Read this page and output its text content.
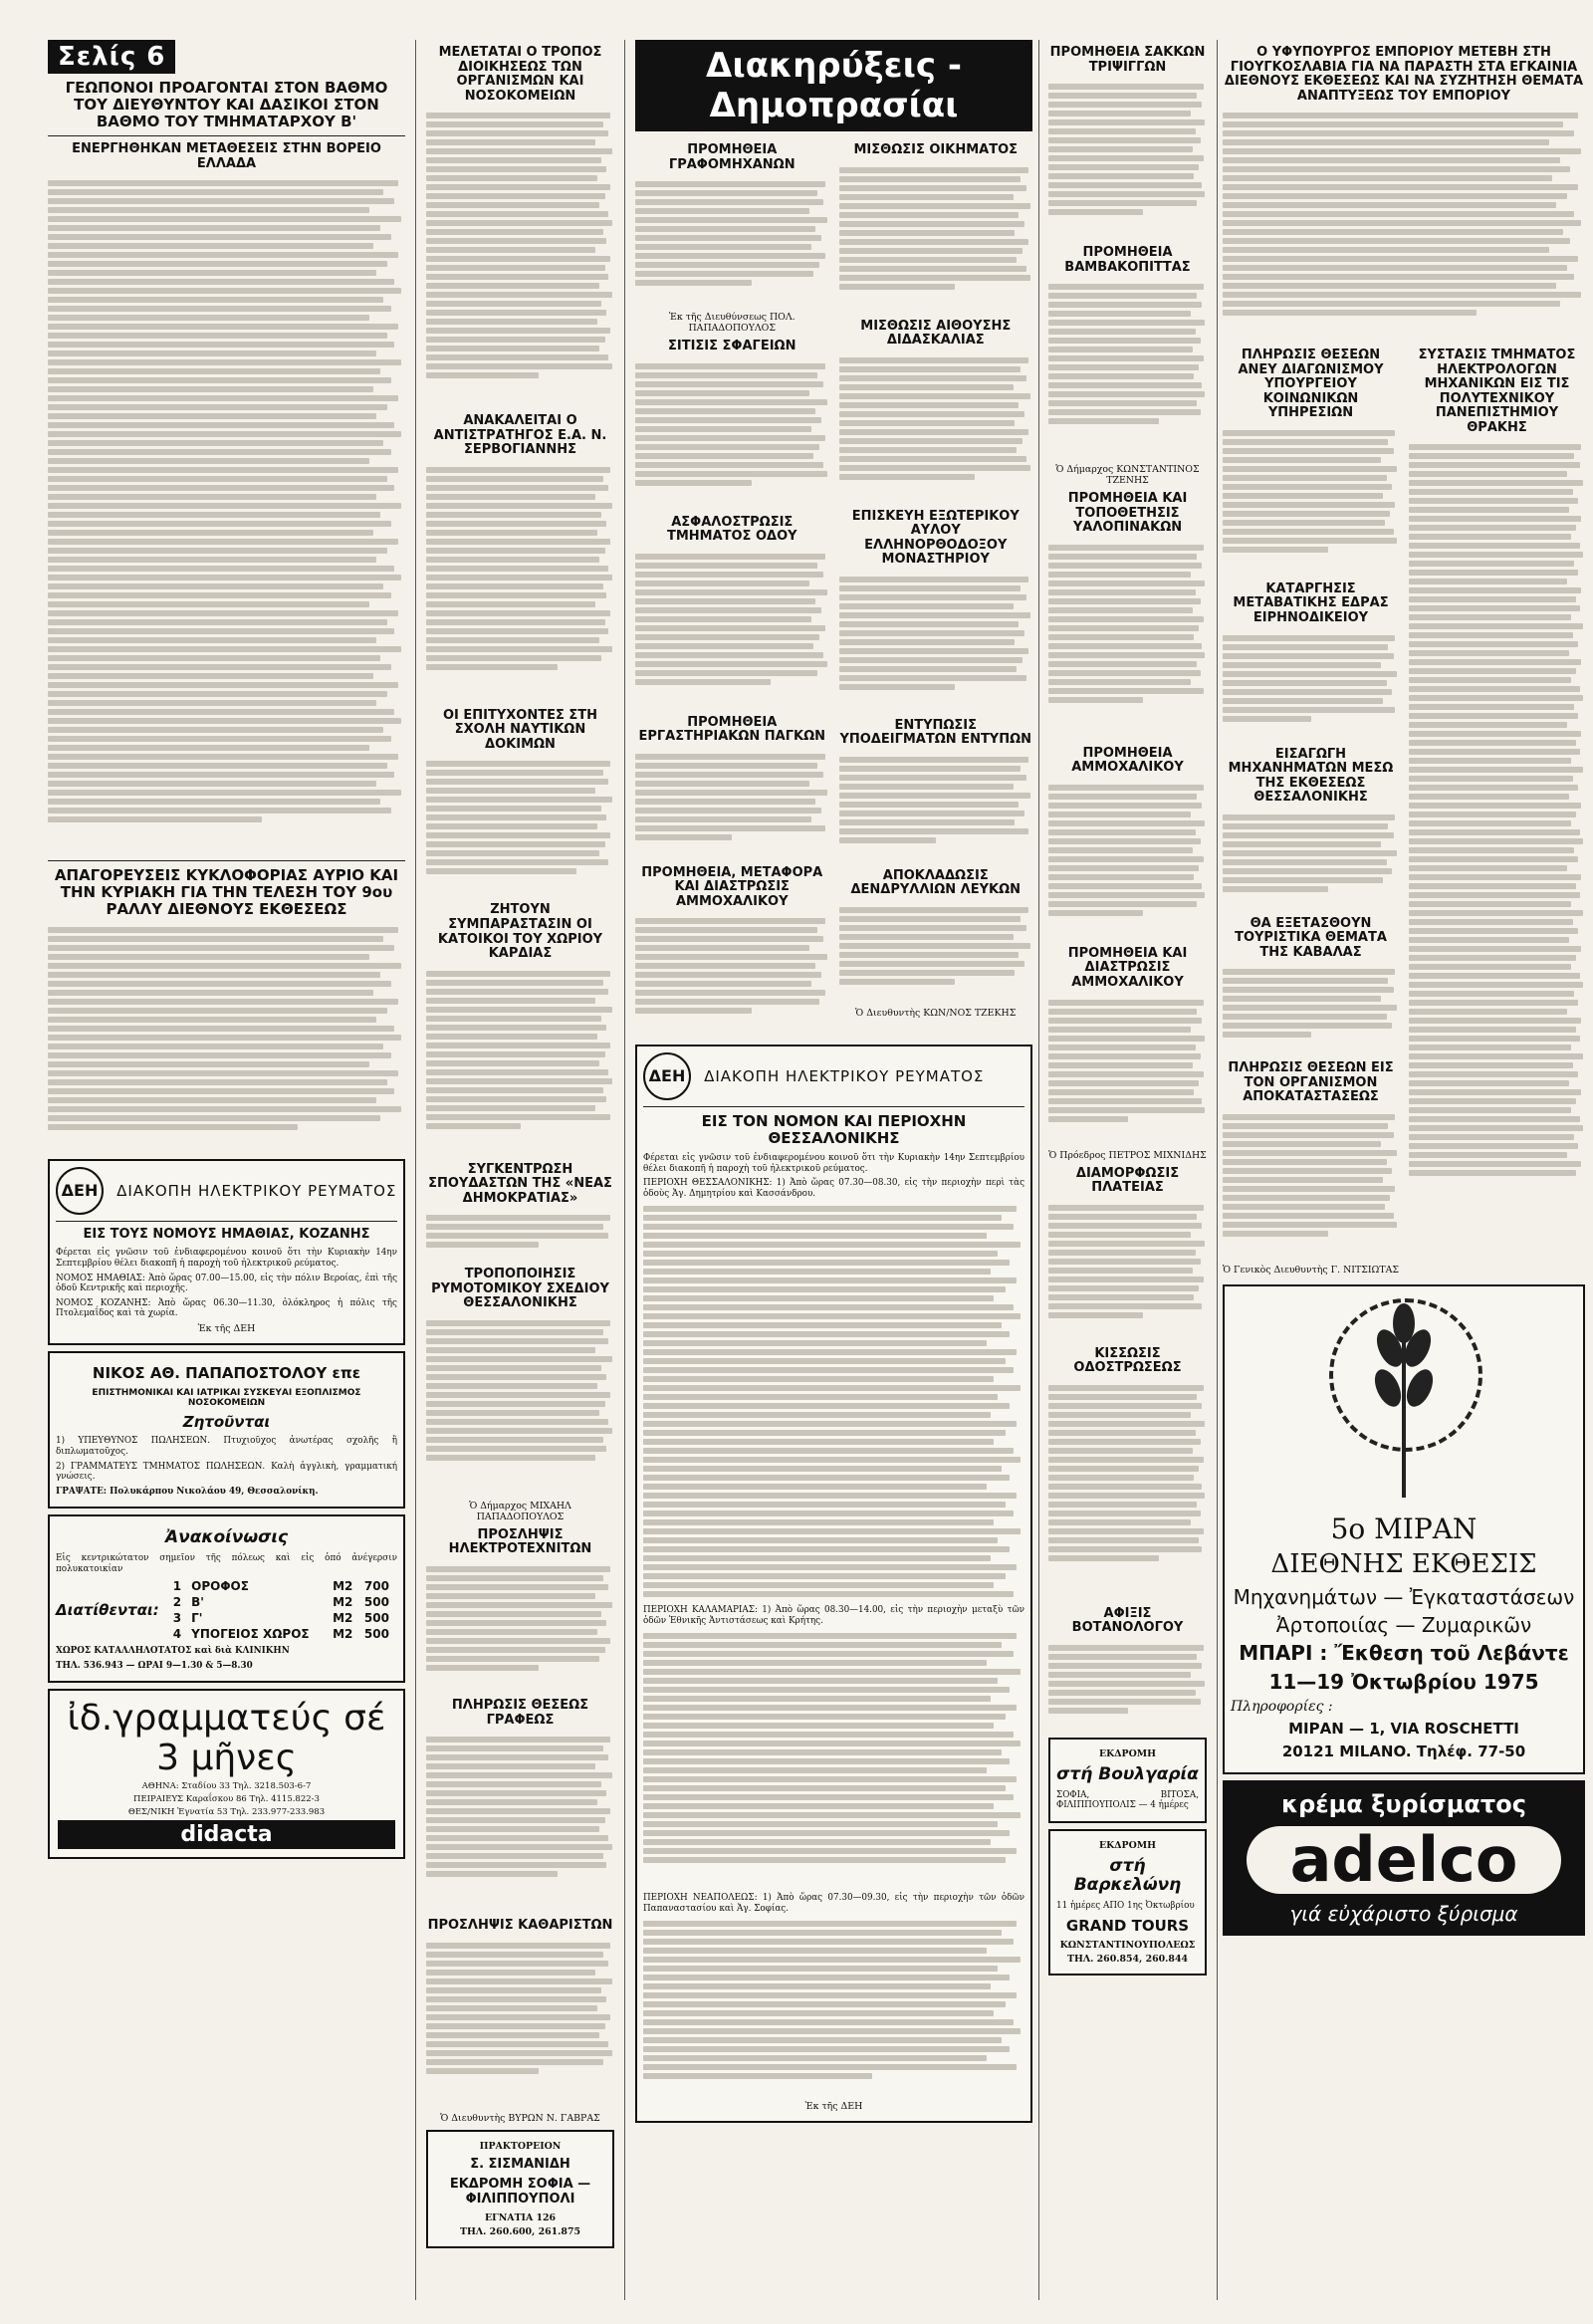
Σελίς 6
ΓΕΩΠΟΝΟΙ ΠΡΟΑΓΟΝΤΑΙ ΣΤΟΝ ΒΑΘΜΟ ΤΟΥ ΔΙΕΥΘΥΝΤΟΥ ΚΑΙ ΔΑΣΙΚΟΙ ΣΤΟΝ ΒΑΘΜΟ ΤΟΥ ΤΜΗΜΑΤΑΡΧΟΥ Β'
ΕΝΕΡΓΗΘΗΚΑΝ ΜΕΤΑΘΕΣΕΙΣ ΣΤΗΝ ΒΟΡΕΙΟ ΕΛΛΑΔΑ
ΑΠΑΓΟΡΕΥΣΕΙΣ ΚΥΚΛΟΦΟΡΙΑΣ ΑΥΡΙΟ ΚΑΙ ΤΗΝ ΚΥΡΙΑΚΗ ΓΙΑ ΤΗΝ ΤΕΛΕΣΗ ΤΟΥ 9ου ΡΑΛΛΥ ΔΙΕΘΝΟΥΣ ΕΚΘΕΣΕΩΣ
ΔΕΗ ΔΙΑΚΟΠΗ ΗΛΕΚΤΡΙΚΟΥ ΡΕΥΜΑΤΟΣ
ΕΙΣ ΤΟΥΣ ΝΟΜΟΥΣ ΗΜΑΘΙΑΣ, ΚΟΖΑΝΗΣ
Φέρεται εἰς γνῶσιν τοῦ ἐνδιαφερομένου κοινοῦ ὅτι τὴν Κυριακὴν 14ην Σεπτεμβρίου θέλει διακοπῆ ἡ παροχὴ τοῦ ἠλεκτρικοῦ ρεύματος.
ΝΟΜΟΣ ΗΜΑΘΙΑΣ: Ἀπὸ ὥρας 07.00—15.00, εἰς τὴν πόλιν Βεροίας, ἐπὶ τῆς ὁδοῦ Κεντρικῆς καὶ περιοχῆς.
ΝΟΜΟΣ ΚΟΖΑΝΗΣ: Ἀπὸ ὥρας 06.30—11.30, ὁλόκληρος ἡ πόλις τῆς Πτολεμαΐδος καὶ τὰ χωρία.
Ἐκ τῆς ΔΕΗ
ΝΙΚΟΣ ΑΘ. ΠΑΠΑΠΟΣΤΟΛΟΥ επε
ΕΠΙΣΤΗΜΟΝΙΚΑΙ ΚΑΙ ΙΑΤΡΙΚΑΙ ΣΥΣΚΕΥΑΙ ΕΞΟΠΛΙΣΜΟΣ ΝΟΣΟΚΟΜΕΙΩΝ
Ζητοῦνται
1) ΥΠΕΥΘΥΝΟΣ ΠΩΛΗΣΕΩΝ. Πτυχιοῦχος ἀνωτέρας σχολῆς ἢ διπλωματοῦχος.
2) ΓΡΑΜΜΑΤΕΥΣ ΤΜΗΜΑΤΟΣ ΠΩΛΗΣΕΩΝ. Καλὴ ἀγγλικὴ, γραμματική γνώσεις.
ΓΡΑΨΑΤΕ: Πολυκάρπου Νικολάου 49, Θεσσαλονίκη.
Ἀνακοίνωσις
Εἰς κεντρικώτατον σημεῖον τῆς πόλεως καὶ εἰς ὁπό ἀνέγερσιν πολυκατοικίαν
Διατίθενται:
1	ΟΡΟΦΟΣ	Μ2	700
2	Β'	Μ2	500
3	Γ'	Μ2	500
4	ΥΠΟΓΕΙΟΣ ΧΩΡΟΣ	Μ2	500
ΧΩΡΟΣ ΚΑΤΑΛΛΗΛΟΤΑΤΟΣ καὶ διὰ ΚΛΙΝΙΚΗΝ
ΤΗΛ. 536.943 — ΩΡΑΙ 9—1.30 & 5—8.30
ἰδ.γραμματεύς σέ 3 μῆνες
ΑΘΗΝΑ: Σταδίου 33 Τηλ. 3218.503-6-7
ΠΕΙΡΑΙΕΥΣ Καραΐσκου 86 Τηλ. 4115.822-3
ΘΕΣ/ΝΙΚΗ Ἐγνατία 53 Τηλ. 233.977-233.983
didacta
ΜΕΛΕΤΑΤΑΙ Ο ΤΡΟΠΟΣ ΔΙΟΙΚΗΣΕΩΣ ΤΩΝ ΟΡΓΑΝΙΣΜΩΝ ΚΑΙ ΝΟΣΟΚΟΜΕΙΩΝ
ΑΝΑΚΑΛΕΙΤΑΙ Ο ΑΝΤΙΣΤΡΑΤΗΓΟΣ Ε.Α. Ν. ΣΕΡΒΟΓΙΑΝΝΗΣ
ΟΙ ΕΠΙΤΥΧΟΝΤΕΣ ΣΤΗ ΣΧΟΛΗ ΝΑΥΤΙΚΩΝ ΔΟΚΙΜΩΝ
ΖΗΤΟΥΝ ΣΥΜΠΑΡΑΣΤΑΣΙΝ ΟΙ ΚΑΤΟΙΚΟΙ ΤΟΥ ΧΩΡΙΟΥ ΚΑΡΔΙΑΣ
ΣΥΓΚΕΝΤΡΩΣΗ ΣΠΟΥΔΑΣΤΩΝ ΤΗΣ «ΝΕΑΣ ΔΗΜΟΚΡΑΤΙΑΣ»
ΤΡΟΠΟΠΟΙΗΣΙΣ ΡΥΜΟΤΟΜΙΚΟΥ ΣΧΕΔΙΟΥ ΘΕΣΣΑΛΟΝΙΚΗΣ
Ὁ Δήμαρχος ΜΙΧΑΗΛ ΠΑΠΑΔΟΠΟΥΛΟΣ
ΠΡΟΣΛΗΨΙΣ ΗΛΕΚΤΡΟΤΕΧΝΙΤΩΝ
ΠΛΗΡΩΣΙΣ ΘΕΣΕΩΣ ΓΡΑΦΕΩΣ
ΠΡΟΣΛΗΨΙΣ ΚΑΘΑΡΙΣΤΩΝ
Ὁ Διευθυντὴς ΒΥΡΩΝ Ν. ΓΑΒΡΑΣ
ΠΡΑΚΤΟΡΕΙΟΝ
Σ. ΣΙΣΜΑΝΙΔΗ
ΕΚΔΡΟΜΗ ΣΟΦΙΑ — ΦΙΛΙΠΠΟΥΠΟΛΙ
ΕΓΝΑΤΙΑ 126
ΤΗΛ. 260.600, 261.875
Διακηρύξεις - Δημοπρασίαι
ΠΡΟΜΗΘΕΙΑ ΓΡΑΦΟΜΗΧΑΝΩΝ
Ἐκ τῆς Διευθύνσεως ΠΟΛ. ΠΑΠΑΔΟΠΟΥΛΟΣ
ΣΙΤΙΣΙΣ ΣΦΑΓΕΙΩΝ
ΑΣΦΑΛΟΣΤΡΩΣΙΣ ΤΜΗΜΑΤΟΣ ΟΔΟΥ
ΠΡΟΜΗΘΕΙΑ ΕΡΓΑΣΤΗΡΙΑΚΩΝ ΠΑΓΚΩΝ
ΠΡΟΜΗΘΕΙΑ, ΜΕΤΑΦΟΡΑ ΚΑΙ ΔΙΑΣΤΡΩΣΙΣ ΑΜΜΟΧΑΛΙΚΟΥ
ΜΙΣΘΩΣΙΣ ΟΙΚΗΜΑΤΟΣ
ΜΙΣΘΩΣΙΣ ΑΙΘΟΥΣΗΣ ΔΙΔΑΣΚΑΛΙΑΣ
ΕΠΙΣΚΕΥΗ ΕΞΩΤΕΡΙΚΟΥ ΑΥΛΟΥ ΕΛΛΗΝΟΡΘΟΔΟΞΟΥ ΜΟΝΑΣΤΗΡΙΟΥ
ΕΝΤΥΠΩΣΙΣ ΥΠΟΔΕΙΓΜΑΤΩΝ ΕΝΤΥΠΩΝ
ΑΠΟΚΛΑΔΩΣΙΣ ΔΕΝΔΡΥΛΛΙΩΝ ΛΕΥΚΩΝ
Ὁ Διευθυντὴς ΚΩΝ/ΝΟΣ ΤΖΕΚΗΣ
ΔΕΗ ΔΙΑΚΟΠΗ ΗΛΕΚΤΡΙΚΟΥ ΡΕΥΜΑΤΟΣ
ΕΙΣ ΤΟΝ ΝΟΜΟΝ ΚΑΙ ΠΕΡΙΟΧΗΝ ΘΕΣΣΑΛΟΝΙΚΗΣ
Φέρεται εἰς γνῶσιν τοῦ ἐνδιαφερομένου κοινοῦ ὅτι τὴν Κυριακὴν 14ην Σεπτεμβρίου θέλει διακοπῆ ἡ παροχὴ τοῦ ἠλεκτρικοῦ ρεύματος.
ΠΕΡΙΟΧΗ ΘΕΣΣΑΛΟΝΙΚΗΣ: 1) Ἀπὸ ὥρας 07.30—08.30, εἰς τὴν περιοχὴν περὶ τὰς ὁδοὺς Ἀγ. Δημητρίου καὶ Κασσάνδρου.
ΠΕΡΙΟΧΗ ΚΑΛΑΜΑΡΙΑΣ: 1) Ἀπὸ ὥρας 08.30—14.00, εἰς τὴν περιοχὴν μεταξὺ τῶν ὁδῶν Ἐθνικῆς Ἀντιστάσεως καὶ Κρήτης.
ΠΕΡΙΟΧΗ ΝΕΑΠΟΛΕΩΣ: 1) Ἀπὸ ὥρας 07.30—09.30, εἰς τὴν περιοχὴν τῶν ὁδῶν Παπαναστασίου καὶ Ἀγ. Σοφίας.
Ἐκ τῆς ΔΕΗ
ΠΡΟΜΗΘΕΙΑ ΣΑΚΚΩΝ ΤΡΙΨΙΓΓΩΝ
ΠΡΟΜΗΘΕΙΑ ΒΑΜΒΑΚΟΠΙΤΤΑΣ
Ὁ Δήμαρχος ΚΩΝΣΤΑΝΤΙΝΟΣ ΤΖΕΝΗΣ
ΠΡΟΜΗΘΕΙΑ ΚΑΙ ΤΟΠΟΘΕΤΗΣΙΣ ΥΑΛΟΠΙΝΑΚΩΝ
ΠΡΟΜΗΘΕΙΑ ΑΜΜΟΧΑΛΙΚΟΥ
ΠΡΟΜΗΘΕΙΑ ΚΑΙ ΔΙΑΣΤΡΩΣΙΣ ΑΜΜΟΧΑΛΙΚΟΥ
Ὁ Πρόεδρος ΠΕΤΡΟΣ ΜΙΧΝΙΔΗΣ
ΔΙΑΜΟΡΦΩΣΙΣ ΠΛΑΤΕΙΑΣ
ΚΙΣΣΩΣΙΣ ΟΔΟΣΤΡΩΣΕΩΣ
ΑΦΙΞΙΣ ΒΟΤΑΝΟΛΟΓΟΥ
ΕΚΔΡΟΜΗ
στή Βουλγαρία
ΣΟΦΙΑ, ΒΙΤΟΣΑ, ΦΙΛΙΠΠΟΥΠΟΛΙΣ — 4 ἡμέρες
ΕΚΔΡΟΜΗ
στή Βαρκελώνη
11 ἡμέρες ΑΠΟ 1ης Ὀκτωβρίου
GRAND TOURS
ΚΩΝΣΤΑΝΤΙΝΟΥΠΟΛΕΩΣ
ΤΗΛ. 260.854, 260.844
Ο ΥΦΥΠΟΥΡΓΟΣ ΕΜΠΟΡΙΟΥ ΜΕΤΕΒΗ ΣΤΗ ΓΙΟΥΓΚΟΣΛΑΒΙΑ ΓΙΑ ΝΑ ΠΑΡΑΣΤΗ ΣΤΑ ΕΓΚΑΙΝΙΑ ΔΙΕΘΝΟΥΣ ΕΚΘΕΣΕΩΣ ΚΑΙ ΝΑ ΣΥΖΗΤΗΣΗ ΘΕΜΑΤΑ ΑΝΑΠΤΥΞΕΩΣ ΤΟΥ ΕΜΠΟΡΙΟΥ
ΠΛΗΡΩΣΙΣ ΘΕΣΕΩΝ ΑΝΕΥ ΔΙΑΓΩΝΙΣΜΟΥ ΥΠΟΥΡΓΕΙΟΥ ΚΟΙΝΩΝΙΚΩΝ ΥΠΗΡΕΣΙΩΝ
ΚΑΤΑΡΓΗΣΙΣ ΜΕΤΑΒΑΤΙΚΗΣ ΕΔΡΑΣ ΕΙΡΗΝΟΔΙΚΕΙΟΥ
ΕΙΣΑΓΩΓΗ ΜΗΧΑΝΗΜΑΤΩΝ ΜΕΣΩ ΤΗΣ ΕΚΘΕΣΕΩΣ ΘΕΣΣΑΛΟΝΙΚΗΣ
ΘΑ ΕΞΕΤΑΣΘΟΥΝ ΤΟΥΡΙΣΤΙΚΑ ΘΕΜΑΤΑ ΤΗΣ ΚΑΒΑΛΑΣ
ΠΛΗΡΩΣΙΣ ΘΕΣΕΩΝ ΕΙΣ ΤΟΝ ΟΡΓΑΝΙΣΜΟΝ ΑΠΟΚΑΤΑΣΤΑΣΕΩΣ
Ὁ Γενικὸς Διευθυντὴς Γ. ΝΙΤΣΙΩΤΑΣ
ΣΥΣΤΑΣΙΣ ΤΜΗΜΑΤΟΣ ΗΛΕΚΤΡΟΛΟΓΩΝ ΜΗΧΑΝΙΚΩΝ ΕΙΣ ΤΙΣ ΠΟΛΥΤΕΧΝΙΚΟΥ ΠΑΝΕΠΙΣΤΗΜΙΟΥ ΘΡΑΚΗΣ
5ο ΜΙΡΑΝ
ΔΙΕΘΝΗΣ ΕΚΘΕΣΙΣ
Μηχανημάτων — Ἐγκαταστάσεων
Ἀρτοποιίας — Ζυμαρικῶν
ΜΠΑΡΙ : Ἔκθεση τοῦ Λεβάντε
11—19 Ὀκτωβρίου 1975
Πληροφορίες :
ΜΙΡΑΝ — 1, VIA ROSCHETTI
20121 MILANO. Τηλέφ. 77-50
κρέμα ξυρίσματος
adelco
γιά εὐχάριστο ξύρισμα
